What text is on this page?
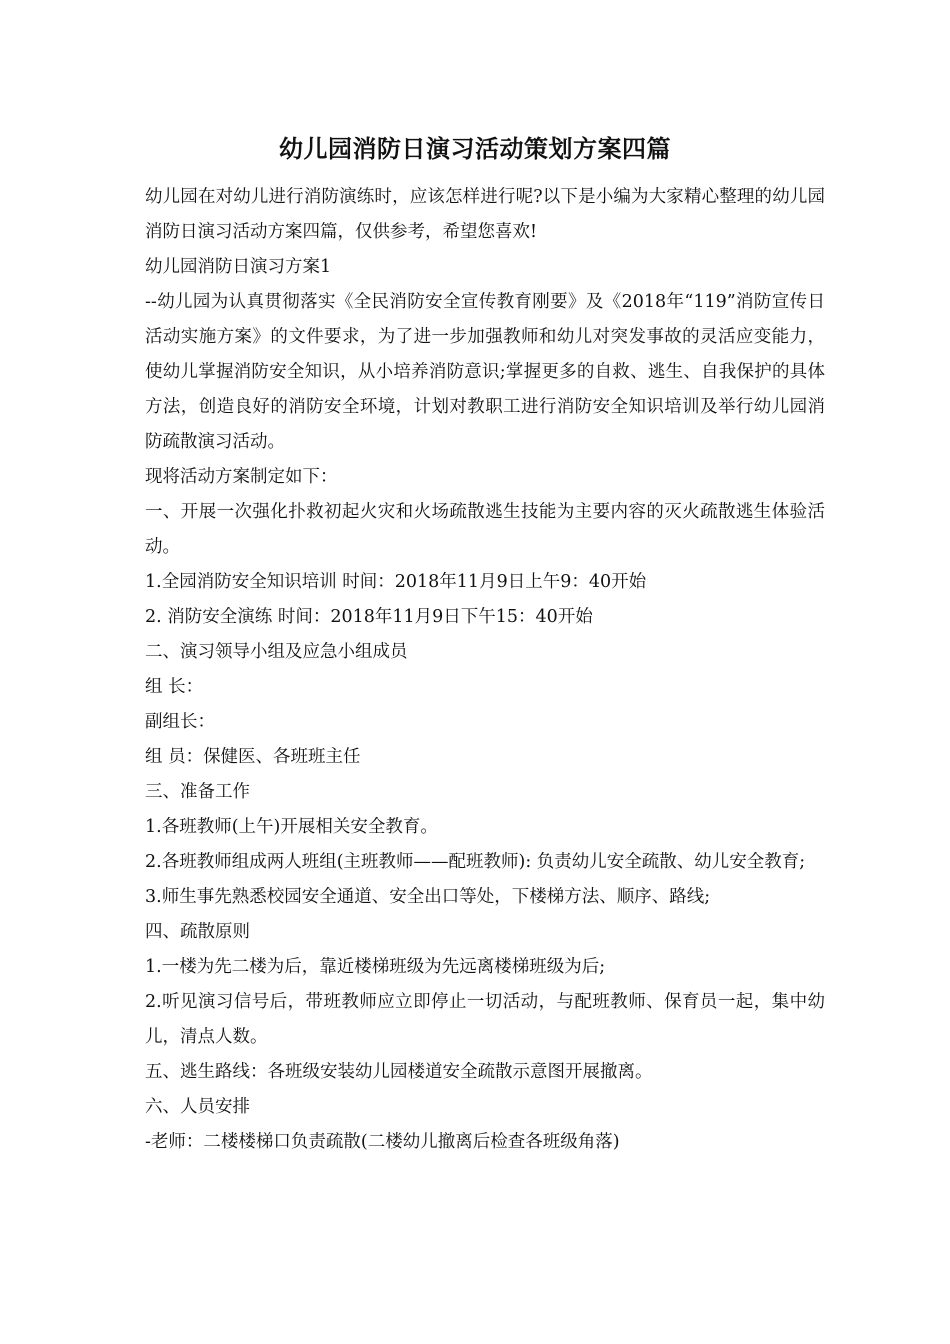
幼儿园消防日演习活动策划方案四篇

幼儿园在对幼儿进行消防演练时，应该怎样进行呢?以下是小编为大家精心整理的幼儿园消防日演习活动方案四篇，仅供参考，希望您喜欢!

幼儿园消防日演习方案1

--幼儿园为认真贯彻落实《全民消防安全宣传教育刚要》及《2018年“119”消防宣传日活动实施方案》的文件要求，为了进一步加强教师和幼儿对突发事故的灵活应变能力，使幼儿掌握消防安全知识，从小培养消防意识;掌握更多的自救、逃生、自我保护的具体方法，创造良好的消防安全环境，计划对教职工进行消防安全知识培训及举行幼儿园消防疏散演习活动。

现将活动方案制定如下：

一、开展一次强化扑救初起火灾和火场疏散逃生技能为主要内容的灭火疏散逃生体验活动。

1.全园消防安全知识培训 时间：2018年11月9日上午9：40开始

2. 消防安全演练 时间：2018年11月9日下午15：40开始

二、演习领导小组及应急小组成员

组 长：

副组长：

组 员：保健医、各班班主任

三、准备工作

1.各班教师(上午)开展相关安全教育。

2.各班教师组成两人班组(主班教师——配班教师): 负责幼儿安全疏散、幼儿安全教育;

3.师生事先熟悉校园安全通道、安全出口等处，下楼梯方法、顺序、路线;

四、疏散原则

1.一楼为先二楼为后，靠近楼梯班级为先远离楼梯班级为后;

2.听见演习信号后，带班教师应立即停止一切活动，与配班教师、保育员一起，集中幼儿，清点人数。

五、逃生路线：各班级安装幼儿园楼道安全疏散示意图开展撤离。

六、人员安排

-老师：二楼楼梯口负责疏散(二楼幼儿撤离后检查各班级角落)
